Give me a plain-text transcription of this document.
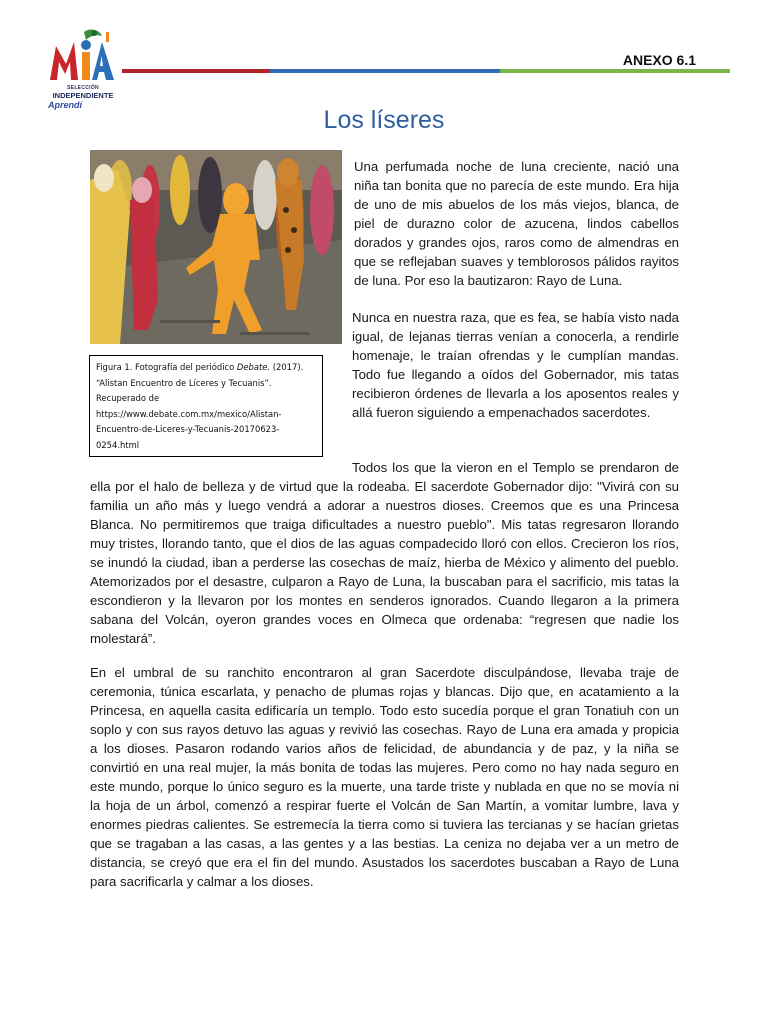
SELECCIÓN
INDEPENDIENTE
Aprendí
ANEXO 6.1
Los líseres
Figura 1. Fotografía del periódico Debate. (2017). “Alistan Encuentro de Líceres y Tecuanis”. Recuperado de https://www.debate.com.mx/mexico/Alistan-Encuentro-de-Liceres-y-Tecuanis-20170623-0254.html

Una perfumada noche de luna creciente, nació una niña tan bonita que no parecía de este mundo. Era hija de uno de mis abuelos de los más viejos, blanca, de piel de durazno color de azucena, lindos cabellos dorados y grandes ojos, raros como de almendras en que se reflejaban suaves y temblorosos pálidos rayitos de luna. Por eso la bautizaron: Rayo de Luna.

Nunca en nuestra raza, que es fea, se había visto nada igual, de lejanas tierras venían a conocerla, a rendirle homenaje, le traían ofrendas y le cumplían mandas. Todo fue llegando a oídos del Gobernador, mis tatas recibieron órdenes de llevarla a los aposentos reales y allá fueron siguiendo a empenachados sacerdotes.

Todos los que la vieron en el Templo se prendaron de ella por el halo de belleza y de virtud que la rodeaba. El sacerdote Gobernador dijo: "Vivirá con su familia un año más y luego vendrá a adorar a nuestros dioses. Creemos que es una Princesa Blanca. No permitiremos que traiga dificultades a nuestro pueblo". Mis tatas regresaron llorando muy tristes, llorando tanto, que el dios de las aguas compadecido lloró con ellos. Crecieron los ríos, se inundó la ciudad, iban a perderse las cosechas de maíz, hierba de México y alimento del pueblo. Atemorizados por el desastre, culparon a Rayo de Luna, la buscaban para el sacrificio, mis tatas la escondieron y la llevaron por los montes en senderos ignorados. Cuando llegaron a la primera sabana del Volcán, oyeron grandes voces en Olmeca que ordenaba: “regresen que nadie los molestará”.

En el umbral de su ranchito encontraron al gran Sacerdote disculpándose, llevaba traje de ceremonia, túnica escarlata, y penacho de plumas rojas y blancas. Dijo que, en acatamiento a la Princesa, en aquella casita edificaría un templo. Todo esto sucedía porque el gran Tonatiuh con un soplo y con sus rayos detuvo las aguas y revivió las cosechas. Rayo de Luna era amada y propicia a los dioses. Pasaron rodando varios años de felicidad, de abundancia y de paz, y la niña se convirtió en una real mujer, la más bonita de todas las mujeres. Pero como no hay nada seguro en este mundo, porque lo único seguro es la muerte, una tarde triste y nublada en que no se movía ni la hoja de un árbol, comenzó a respirar fuerte el Volcán de San Martín, a vomitar lumbre, lava y enormes piedras calientes. Se estremecía la tierra como si tuviera las tercianas y se hacían grietas que se tragaban a las casas, a las gentes y a las bestias. La ceniza no dejaba ver a un metro de distancia, se creyó que era el fin del mundo. Asustados los sacerdotes buscaban a Rayo de Luna para sacrificarla y calmar a los dioses.
